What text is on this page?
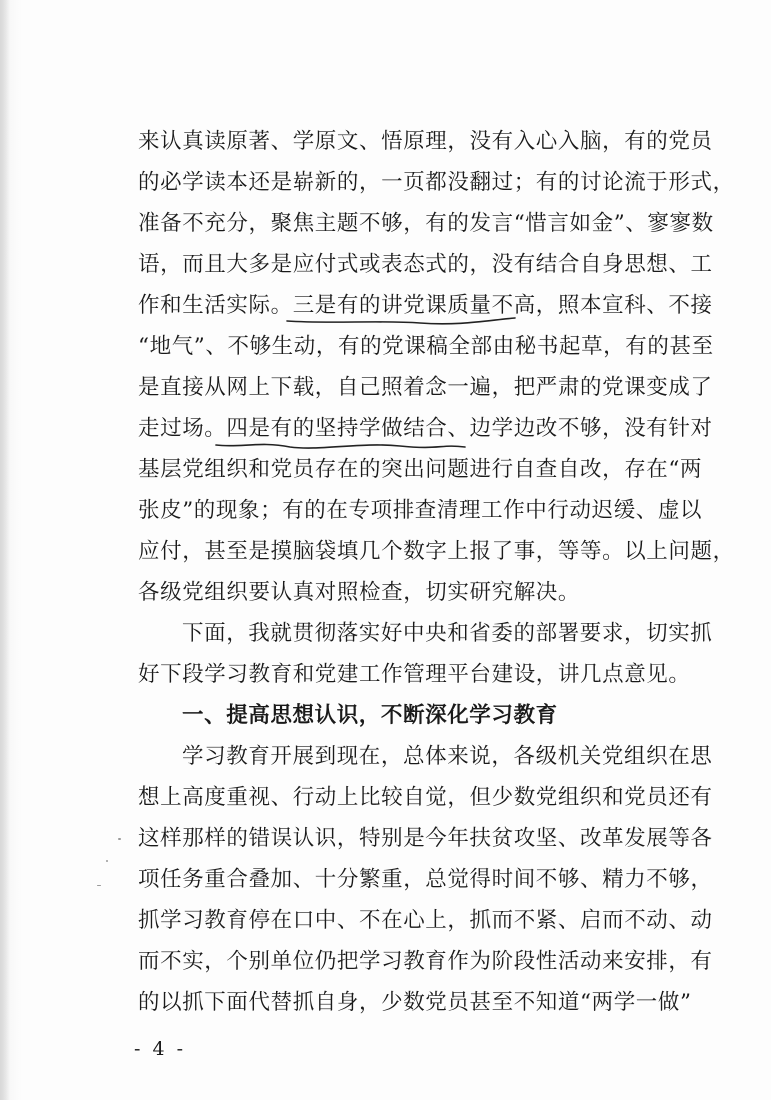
来认真读原著、学原文、悟原理，没有入心入脑，有的党员
的必学读本还是崭新的，一页都没翻过；有的讨论流于形式，
准备不充分，聚焦主题不够，有的发言“惜言如金”、寥寥数
语，而且大多是应付式或表态式的，没有结合自身思想、工
作和生活实际。三是有的讲党课质量不高，照本宣科、不接
“地气”、不够生动，有的党课稿全部由秘书起草，有的甚至
是直接从网上下载，自己照着念一遍，把严肃的党课变成了
走过场。四是有的坚持学做结合、边学边改不够，没有针对
基层党组织和党员存在的突出问题进行自查自改，存在“两
张皮”的现象；有的在专项排查清理工作中行动迟缓、虚以
应付，甚至是摸脑袋填几个数字上报了事，等等。以上问题，
各级党组织要认真对照检查，切实研究解决。
下面，我就贯彻落实好中央和省委的部署要求，切实抓
好下段学习教育和党建工作管理平台建设，讲几点意见。
一、提高思想认识，不断深化学习教育
学习教育开展到现在，总体来说，各级机关党组织在思
想上高度重视、行动上比较自觉，但少数党组织和党员还有
这样那样的错误认识，特别是今年扶贫攻坚、改革发展等各
项任务重合叠加、十分繁重，总觉得时间不够、精力不够，
抓学习教育停在口中、不在心上，抓而不紧、启而不动、动
而不实，个别单位仍把学习教育作为阶段性活动来安排，有
的以抓下面代替抓自身，少数党员甚至不知道“两学一做”
- 4 -
